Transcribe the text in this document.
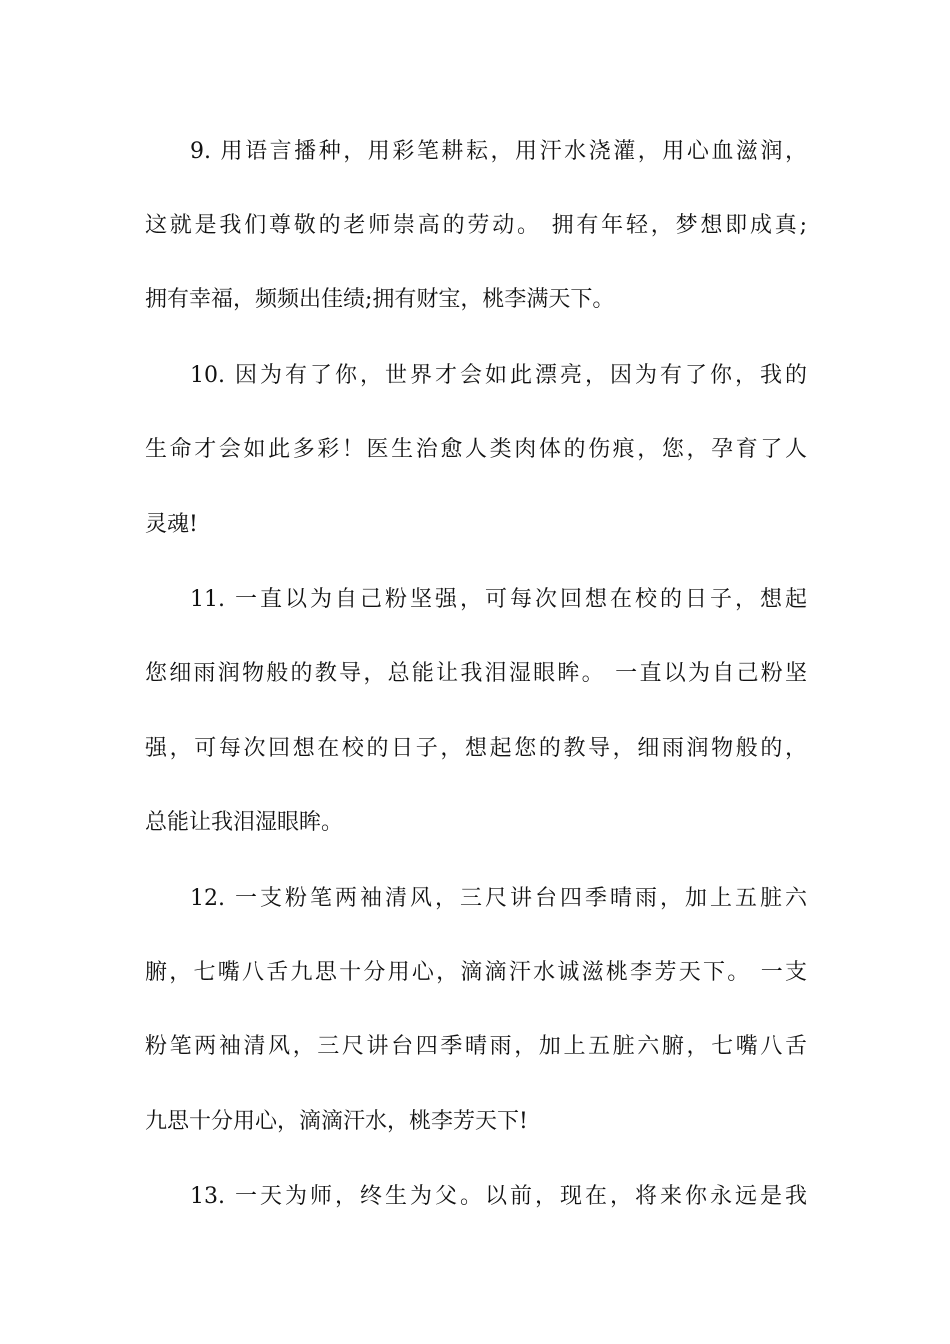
9. 用语言播种，用彩笔耕耘，用汗水浇灌，用心血滋润，
这就是我们尊敬的老师崇高的劳动。 拥有年轻，梦想即成真;
拥有幸福，频频出佳绩;拥有财宝，桃李满天下。
10. 因为有了你，世界才会如此漂亮，因为有了你，我的
生命才会如此多彩！医生治愈人类肉体的伤痕，您，孕育了人
灵魂!
11. 一直以为自己粉坚强，可每次回想在校的日子，想起
您细雨润物般的教导，总能让我泪湿眼眸。 一直以为自己粉坚
强，可每次回想在校的日子，想起您的教导，细雨润物般的，
总能让我泪湿眼眸。
12. 一支粉笔两袖清风，三尺讲台四季晴雨，加上五脏六
腑，七嘴八舌九思十分用心，滴滴汗水诚滋桃李芳天下。 一支
粉笔两袖清风，三尺讲台四季晴雨，加上五脏六腑，七嘴八舌
九思十分用心，滴滴汗水，桃李芳天下!
13. 一天为师，终生为父。以前，现在，将来你永远是我
